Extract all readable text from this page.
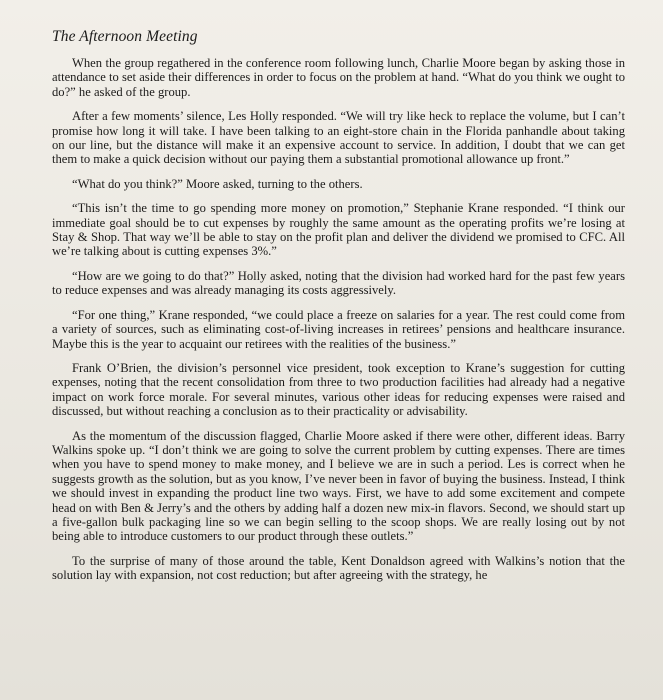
The Afternoon Meeting

When the group regathered in the conference room following lunch, Charlie Moore began by asking those in attendance to set aside their differences in order to focus on the problem at hand. “What do you think we ought to do?” he asked of the group.

After a few moments’ silence, Les Holly responded. “We will try like heck to replace the volume, but I can’t promise how long it will take. I have been talking to an eight-store chain in the Florida panhandle about taking on our line, but the distance will make it an expensive account to service. In addition, I doubt that we can get them to make a quick decision without our paying them a substantial promotional allowance up front.”

“What do you think?” Moore asked, turning to the others.

“This isn’t the time to go spending more money on promotion,” Stephanie Krane responded. “I think our immediate goal should be to cut expenses by roughly the same amount as the operating profits we’re losing at Stay & Shop. That way we’ll be able to stay on the profit plan and deliver the dividend we promised to CFC. All we’re talking about is cutting expenses 3%.”

“How are we going to do that?” Holly asked, noting that the division had worked hard for the past few years to reduce expenses and was already managing its costs aggressively.

“For one thing,” Krane responded, “we could place a freeze on salaries for a year. The rest could come from a variety of sources, such as eliminating cost-of-living increases in retirees’ pensions and healthcare insurance. Maybe this is the year to acquaint our retirees with the realities of the business.”

Frank O’Brien, the division’s personnel vice president, took exception to Krane’s suggestion for cutting expenses, noting that the recent consolidation from three to two production facilities had already had a negative impact on work force morale. For several minutes, various other ideas for reducing expenses were raised and discussed, but without reaching a conclusion as to their practicality or advisability.

As the momentum of the discussion flagged, Charlie Moore asked if there were other, different ideas. Barry Walkins spoke up. “I don’t think we are going to solve the current problem by cutting expenses. There are times when you have to spend money to make money, and I believe we are in such a period. Les is correct when he suggests growth as the solution, but as you know, I’ve never been in favor of buying the business. Instead, I think we should invest in expanding the product line two ways. First, we have to add some excitement and compete head on with Ben & Jerry’s and the others by adding half a dozen new mix-in flavors. Second, we should start up a five-gallon bulk packaging line so we can begin selling to the scoop shops. We are really losing out by not being able to introduce customers to our product through these outlets.”

To the surprise of many of those around the table, Kent Donaldson agreed with Walkins’s notion that the solution lay with expansion, not cost reduction; but after agreeing with the strategy, he
